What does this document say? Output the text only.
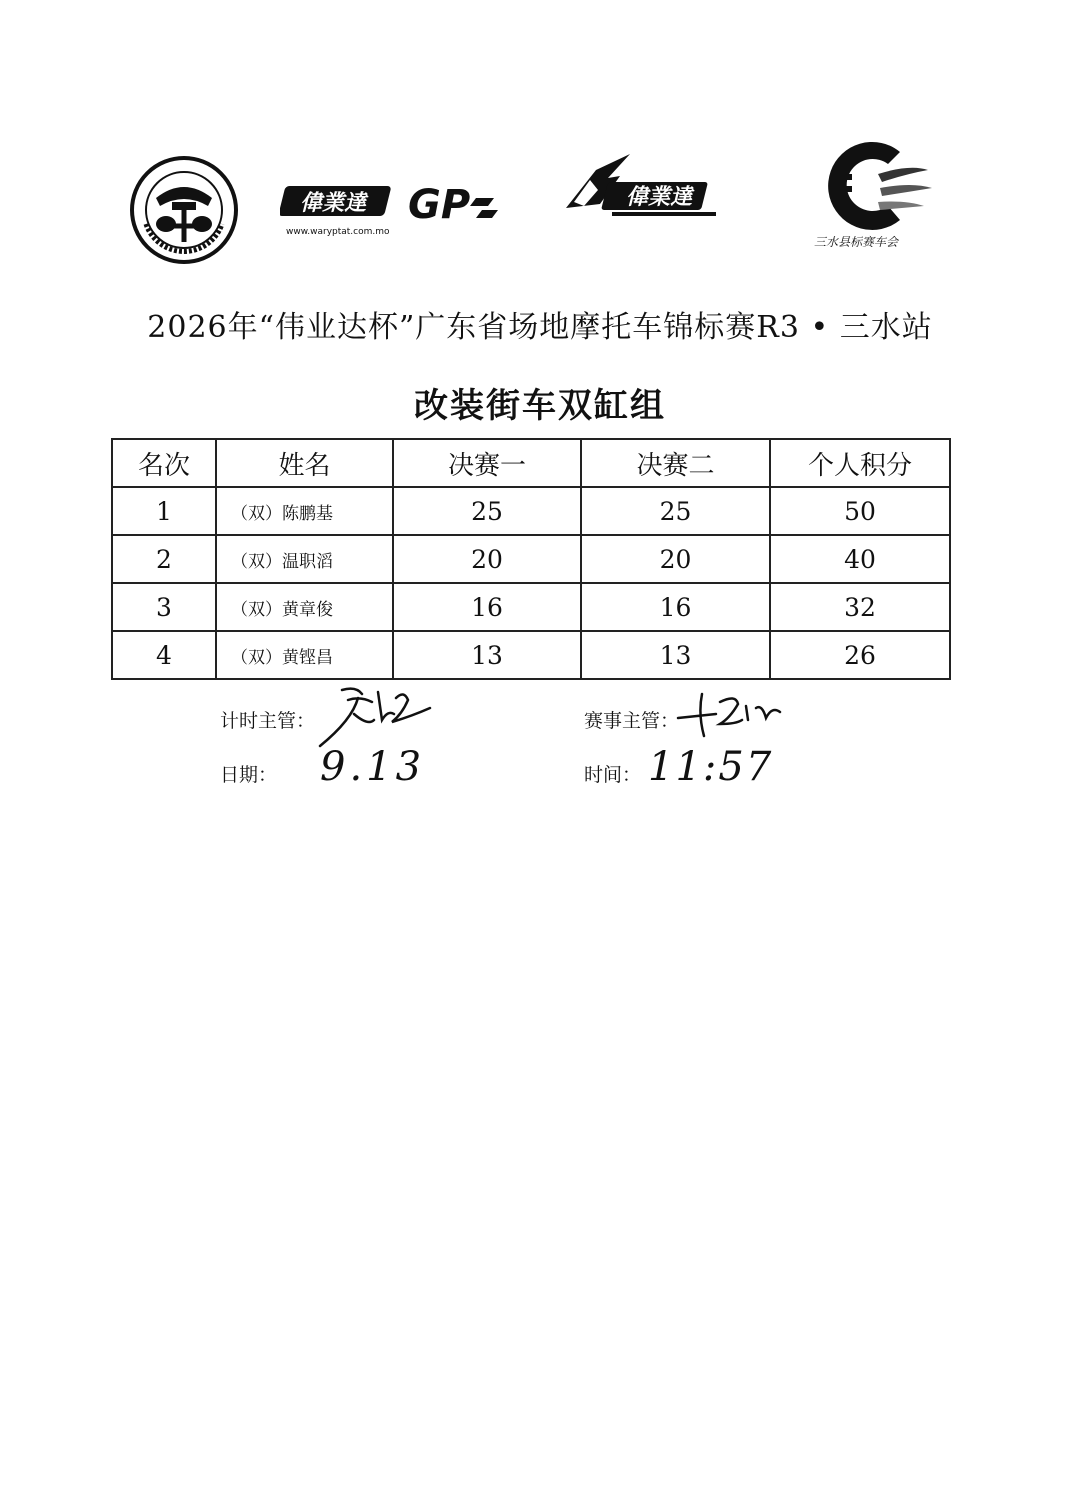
偉業達 GP
www.waryptat.com.mo
偉業達
三水县标赛车会
2026年“伟业达杯”广东省场地摩托车锦标赛R3 • 三水站
改装街车双缸组
名次	姓名	决赛一	决赛二	个人积分
1	（双）陈鹏基	25	25	50
2	（双）温职滔	20	20	40
3	（双）黄章俊	16	16	32
4	（双）黄铿昌	13	13	26
计时主管：	赛事主管：
日期： 9.13	时间： 11:57
